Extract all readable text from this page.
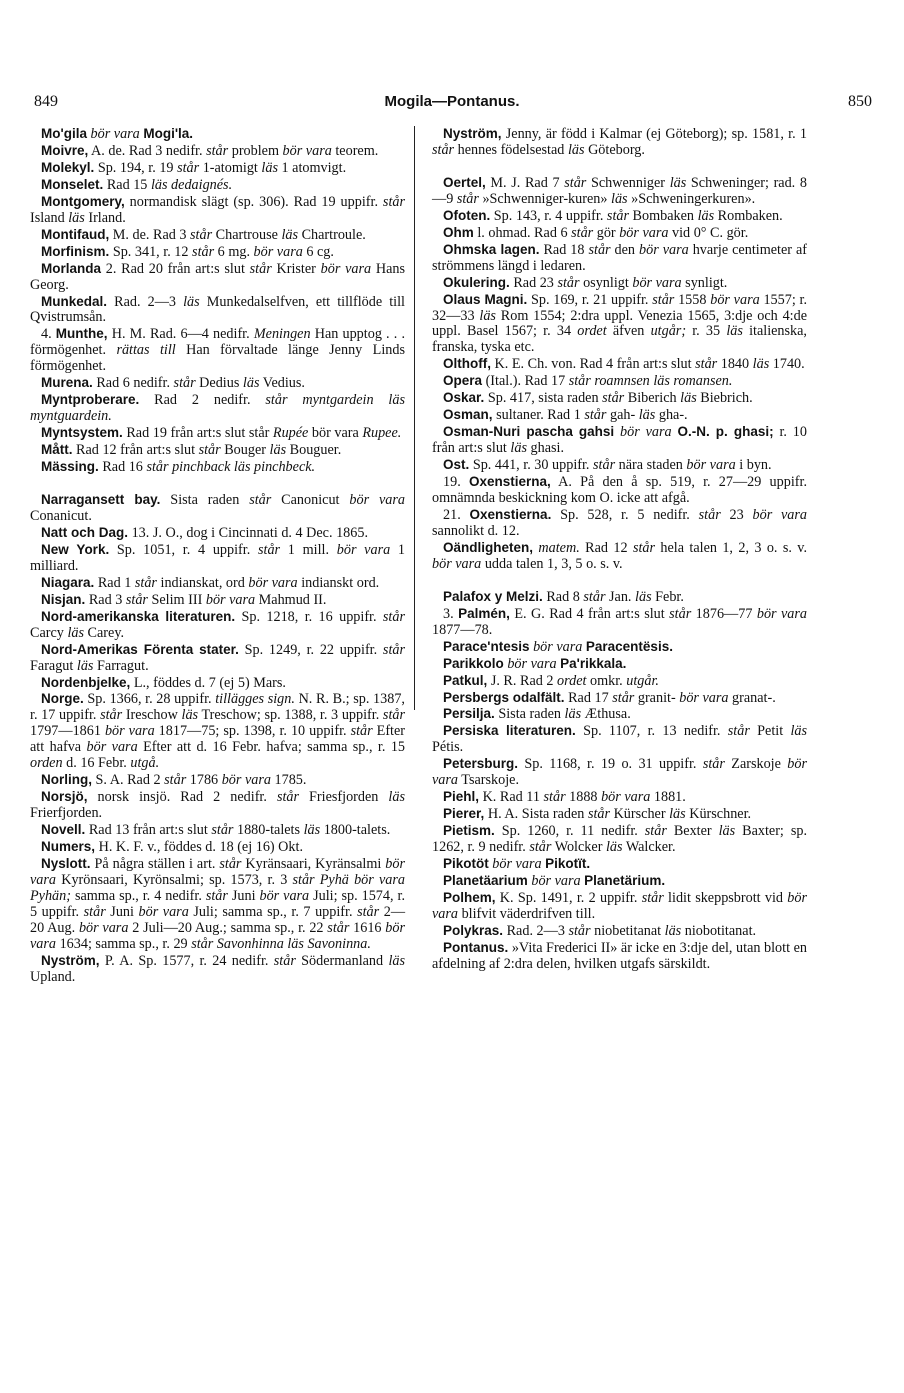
849	Mogila—Pontanus.	850

Mo'gila bör vara Mogi'la.

Moivre, A. de. Rad 3 nedifr. står problem bör vara teorem.

Molekyl. Sp. 194, r. 19 står 1-atomigt läs 1 atomvigt.

Monselet. Rad 15 läs dedaignés.

Montgomery, normandisk slägt (sp. 306). Rad 19 uppifr. står Island läs Irland.

Montifaud, M. de. Rad 3 står Chartrouse läs Chartroule.

Morfinism. Sp. 341, r. 12 står 6 mg. bör vara 6 cg.

Morlanda 2. Rad 20 från art:s slut står Krister bör vara Hans Georg.

Munkedal. Rad. 2—3 läs Munkedalselfven, ett tillflöde till Qvistrumsån.

4. Munthe, H. M. Rad. 6—4 nedifr. Meningen Han upptog . . . förmögenhet. rättas till Han förvaltade länge Jenny Linds förmögenhet.

Murena. Rad 6 nedifr. står Dedius läs Vedius.

Myntproberare. Rad 2 nedifr. står myntgardein läs myntguardein.

Myntsystem. Rad 19 från art:s slut står Rupée bör vara Rupee.

Mått. Rad 12 från art:s slut står Bouger läs Bouguer.

Mässing. Rad 16 står pinchback läs pinchbeck.

Narragansett bay. Sista raden står Canonicut bör vara Conanicut.

Natt och Dag. 13. J. O., dog i Cincinnati d. 4 Dec. 1865.

New York. Sp. 1051, r. 4 uppifr. står 1 mill. bör vara 1 milliard.

Niagara. Rad 1 står indianskat, ord bör vara indianskt ord.

Nisjan. Rad 3 står Selim III bör vara Mahmud II.

Nord-amerikanska literaturen. Sp. 1218, r. 16 uppifr. står Carcy läs Carey.

Nord-Amerikas Förenta stater. Sp. 1249, r. 22 uppifr. står Faragut läs Farragut.

Nordenbjelke, L., föddes d. 7 (ej 5) Mars.

Norge. Sp. 1366, r. 28 uppifr. tillägges sign. N. R. B.; sp. 1387, r. 17 uppifr. står Ireschow läs Treschow; sp. 1388, r. 3 uppifr. står 1797—1861 bör vara 1817—75; sp. 1398, r. 10 uppifr. står Efter att hafva bör vara Efter att d. 16 Febr. hafva; samma sp., r. 15 orden d. 16 Febr. utgå.

Norling, S. A. Rad 2 står 1786 bör vara 1785.

Norsjö, norsk insjö. Rad 2 nedifr. står Friesfjorden läs Frierfjorden.

Novell. Rad 13 från art:s slut står 1880-talets läs 1800-talets.

Numers, H. K. F. v., föddes d. 18 (ej 16) Okt.

Nyslott. På några ställen i art. står Kyränsaari, Kyränsalmi bör vara Kyrönsaari, Kyrönsalmi; sp. 1573, r. 3 står Pyhä bör vara Pyhän; samma sp., r. 4 nedifr. står Juni bör vara Juli; sp. 1574, r. 5 uppifr. står Juni bör vara Juli; samma sp., r. 7 uppifr. står 2—20 Aug. bör vara 2 Juli—20 Aug.; samma sp., r. 22 står 1616 bör vara 1634; samma sp., r. 29 står Savonhinna läs Savoninna.

Nyström, P. A. Sp. 1577, r. 24 nedifr. står Södermanland läs Upland.

Nyström, Jenny, är född i Kalmar (ej Göteborg); sp. 1581, r. 1 står hennes födelsestad läs Göteborg.

Oertel, M. J. Rad 7 står Schwenniger läs Schweninger; rad. 8—9 står »Schwenniger-kuren» läs »Schweningerkuren».

Ofoten. Sp. 143, r. 4 uppifr. står Bombaken läs Rombaken.

Ohm l. ohmad. Rad 6 står gör bör vara vid 0° C. gör.

Ohmska lagen. Rad 18 står den bör vara hvarje centimeter af strömmens längd i ledaren.

Okulering. Rad 23 står osynligt bör vara synligt.

Olaus Magni. Sp. 169, r. 21 uppifr. står 1558 bör vara 1557; r. 32—33 läs Rom 1554; 2:dra uppl. Venezia 1565, 3:dje och 4:de uppl. Basel 1567; r. 34 ordet äfven utgår; r. 35 läs italienska, franska, tyska etc.

Olthoff, K. E. Ch. von. Rad 4 från art:s slut står 1840 läs 1740.

Opera (Ital.). Rad 17 står roamnsen läs romansen.

Oskar. Sp. 417, sista raden står Biberich läs Biebrich.

Osman, sultaner. Rad 1 står gah- läs gha-.

Osman-Nuri pascha gahsi bör vara O.-N. p. ghasi; r. 10 från art:s slut läs ghasi.

Ost. Sp. 441, r. 30 uppifr. står nära staden bör vara i byn.

19. Oxenstierna, A. På den å sp. 519, r. 27—29 uppifr. omnämnda beskickning kom O. icke att afgå.

21. Oxenstierna. Sp. 528, r. 5 nedifr. står 23 bör vara sannolikt d. 12.

Oändligheten, matem. Rad 12 står hela talen 1, 2, 3 o. s. v. bör vara udda talen 1, 3, 5 o. s. v.

Palafox y Melzi. Rad 8 står Jan. läs Febr.

3. Palmén, E. G. Rad 4 från art:s slut står 1876—77 bör vara 1877—78.

Parace'ntesis bör vara Paracentësis.

Parikkolo bör vara Pa'rikkala.

Patkul, J. R. Rad 2 ordet omkr. utgår.

Persbergs odalfält. Rad 17 står granit- bör vara granat-.

Persilja. Sista raden läs Æthusa.

Persiska literaturen. Sp. 1107, r. 13 nedifr. står Petit läs Pétis.

Petersburg. Sp. 1168, r. 19 o. 31 uppifr. står Zarskoje bör vara Tsarskoje.

Piehl, K. Rad 11 står 1888 bör vara 1881.

Pierer, H. A. Sista raden står Kürscher läs Kürschner.

Pietism. Sp. 1260, r. 11 nedifr. står Bexter läs Baxter; sp. 1262, r. 9 nedifr. står Wolcker läs Walcker.

Pikotöt bör vara Pikotït.

Planetäarium bör vara Planetärium.

Polhem, K. Sp. 1491, r. 2 uppifr. står lidit skeppsbrott vid bör vara blifvit väderdrifven till.

Polykras. Rad. 2—3 står niobetitanat läs niobotitanat.

Pontanus. »Vita Frederici II» är icke en 3:dje del, utan blott en afdelning af 2:dra delen, hvilken utgafs särskildt.
